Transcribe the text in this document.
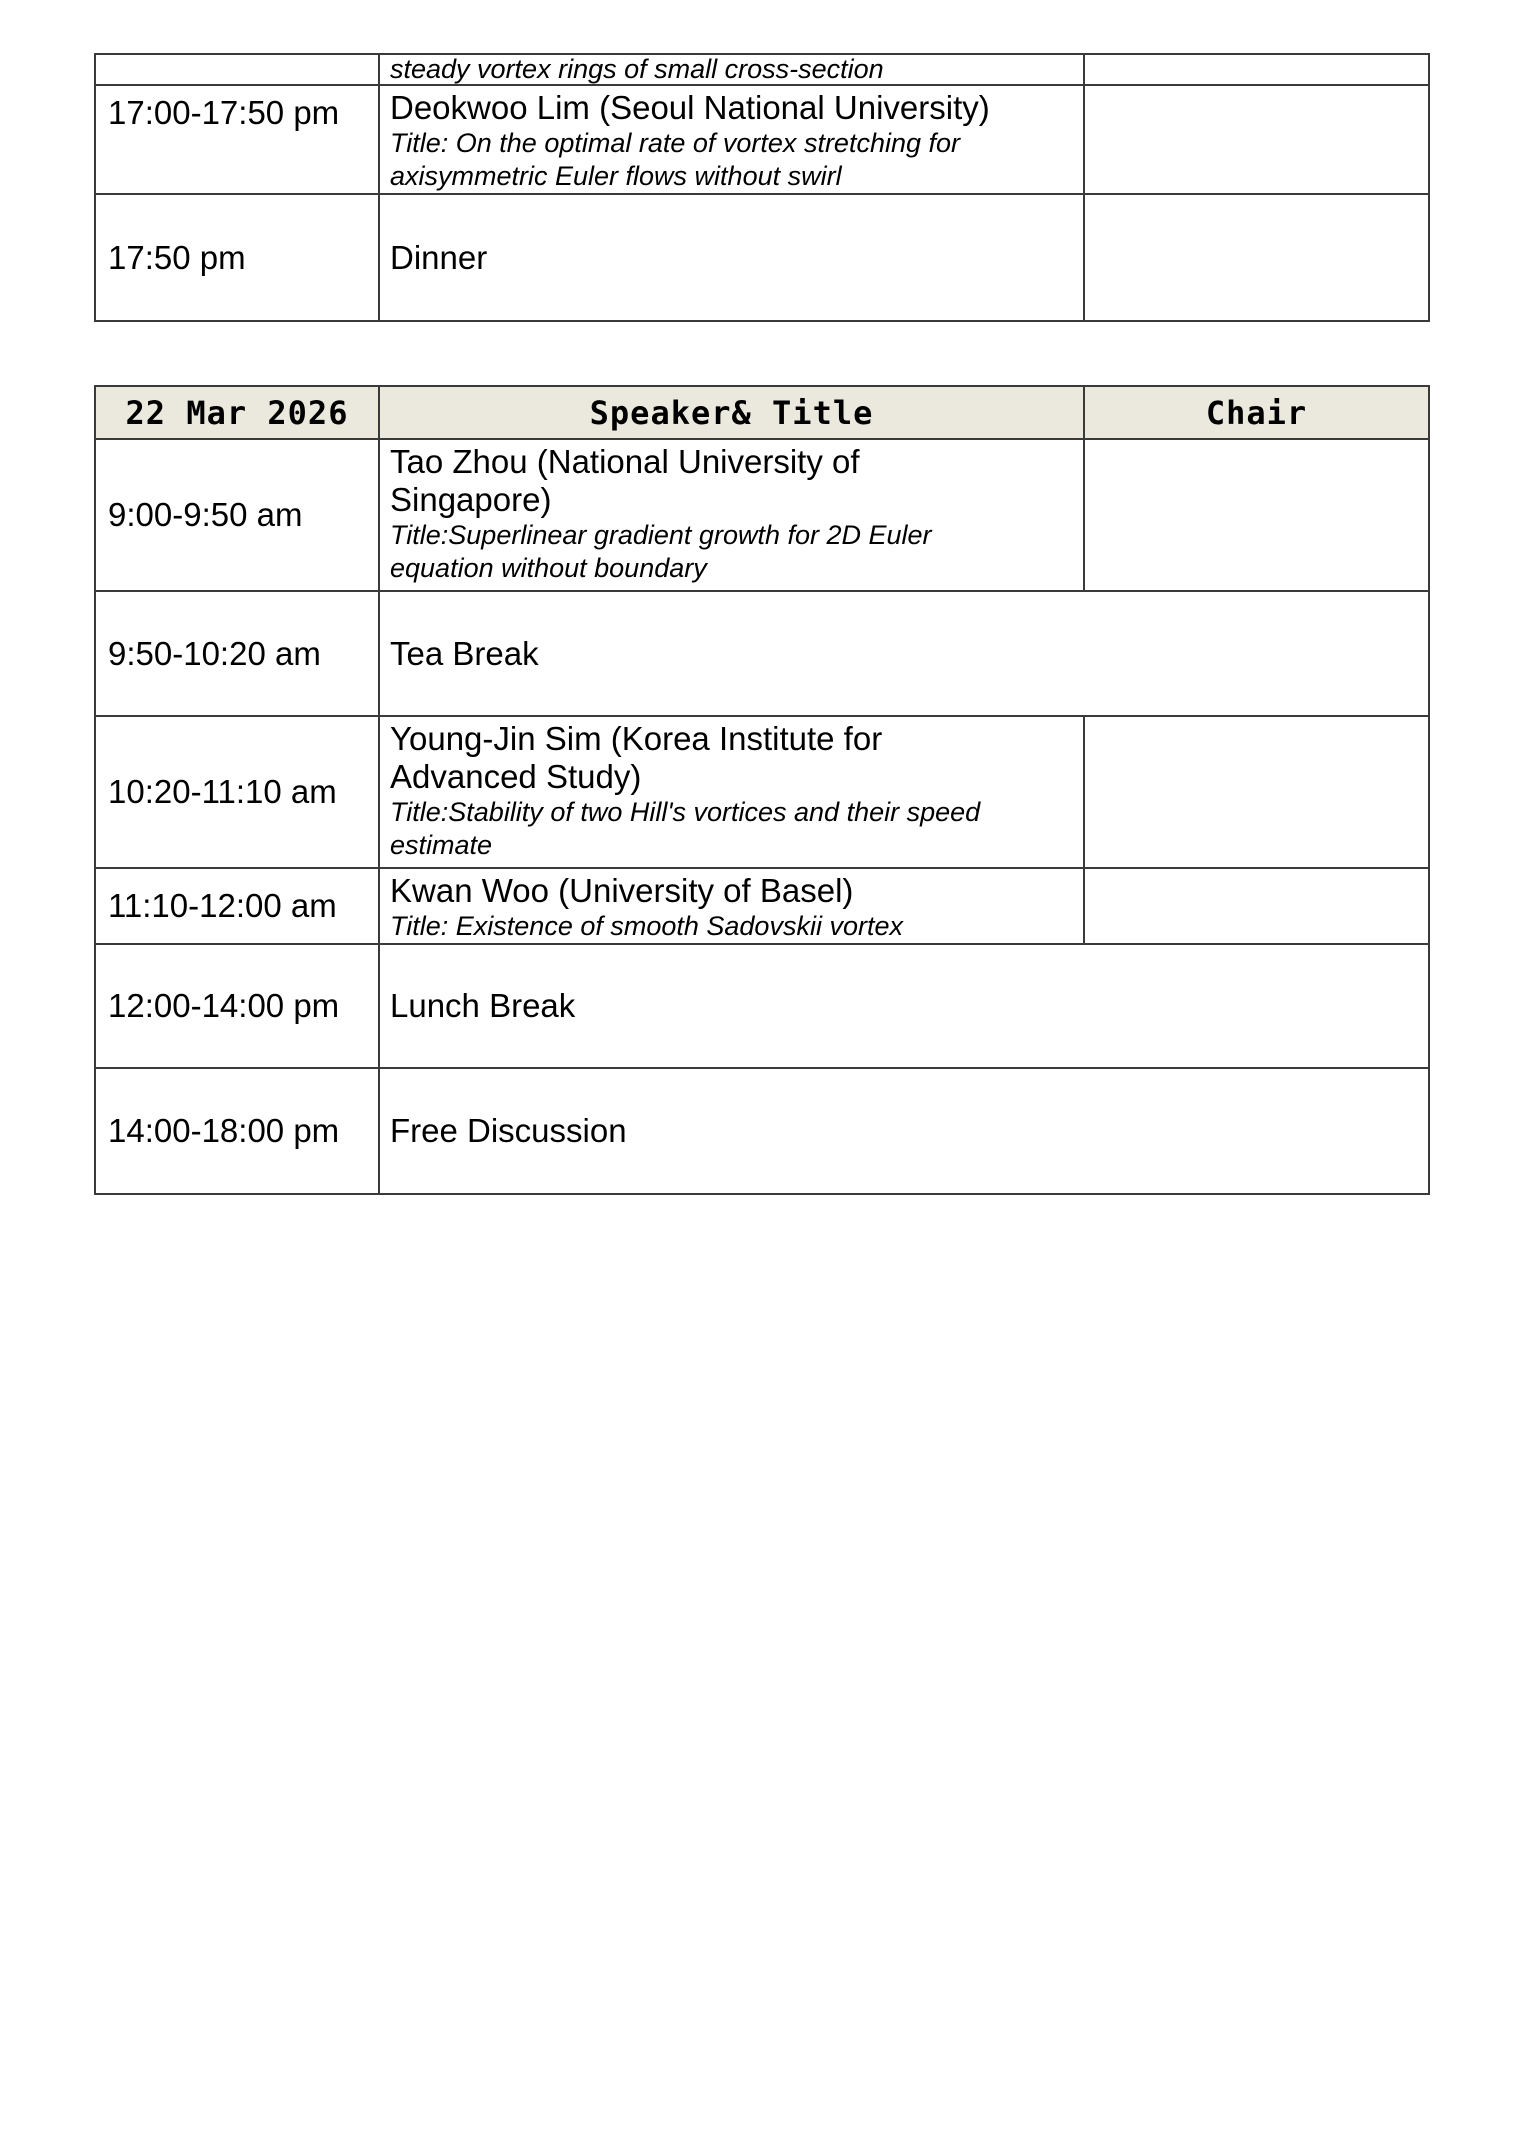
	steady vortex rings of small cross-section	

17:00-17:50 pm	Deokwoo Lim (Seoul National University)
Title: On the optimal rate of vortex stretching for
axisymmetric Euler flows without swirl	

17:50 pm	Dinner	
22 Mar 2026	Speaker& Title	Chair
9:00-9:50 am	Tao Zhou (National University of
Singapore)
Title:Superlinear gradient growth for 2D Euler
equation without boundary	

9:50-10:20 am	Tea Break	
10:20-11:10 am	Young-Jin Sim (Korea Institute for
Advanced Study)
Title:Stability of two Hill's vortices and their speed
estimate	

11:10-12:00 am	Kwan Woo (University of Basel)
Title: Existence of smooth Sadovskii vortex	

12:00-14:00 pm	Lunch Break	
14:00-18:00 pm	Free Discussion	
